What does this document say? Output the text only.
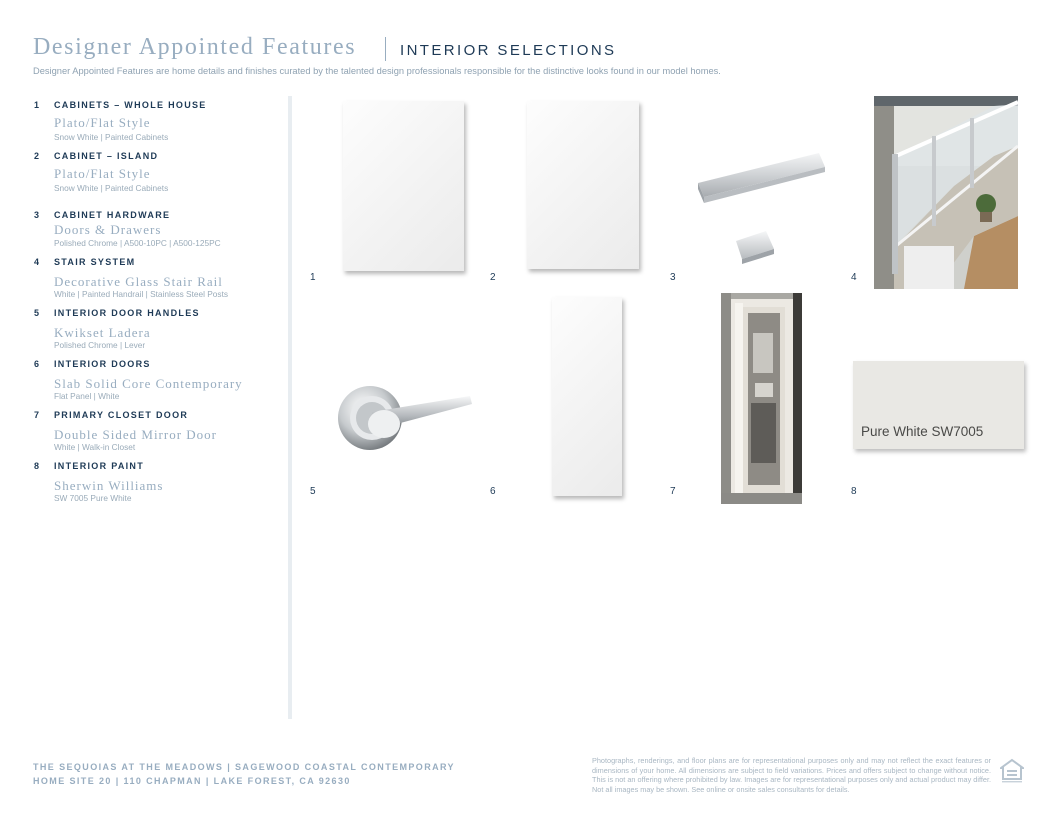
Designer Appointed Features	INTERIOR SELECTIONS
Designer Appointed Features are home details and finishes curated by the talented design professionals responsible for the distinctive looks found in our model homes.
1 CABINETS – WHOLE HOUSE
Plato/Flat Style
Snow White | Painted Cabinets
2 CABINET – ISLAND
Plato/Flat Style
Snow White | Painted Cabinets
3 CABINET HARDWARE
Doors & Drawers
Polished Chrome | A500-10PC | A500-125PC
4 STAIR SYSTEM
Decorative Glass Stair Rail
White | Painted Handrail | Stainless Steel Posts
5 INTERIOR DOOR HANDLES
Kwikset Ladera
Polished Chrome | Lever
6 INTERIOR DOORS
Slab Solid Core Contemporary
Flat Panel | White
7 PRIMARY CLOSET DOOR
Double Sided Mirror Door
White | Walk-in Closet
8 INTERIOR PAINT
Sherwin Williams
SW 7005 Pure White
1	2	3	4
5	6	7
Pure White SW7005
8
THE SEQUOIAS AT THE MEADOWS | SAGEWOOD COASTAL CONTEMPORARY
HOME SITE 20 | 110 CHAPMAN | LAKE FOREST, CA 92630
Photographs, renderings, and floor plans are for representational purposes only and may not reflect the exact features or dimensions of your home. All dimensions are subject to field variations. Prices and offers subject to change without notice. This is not an offering where prohibited by law. Images are for representational purposes only and actual product may differ. Not all images may be shown. See online or onsite sales consultants for details.
